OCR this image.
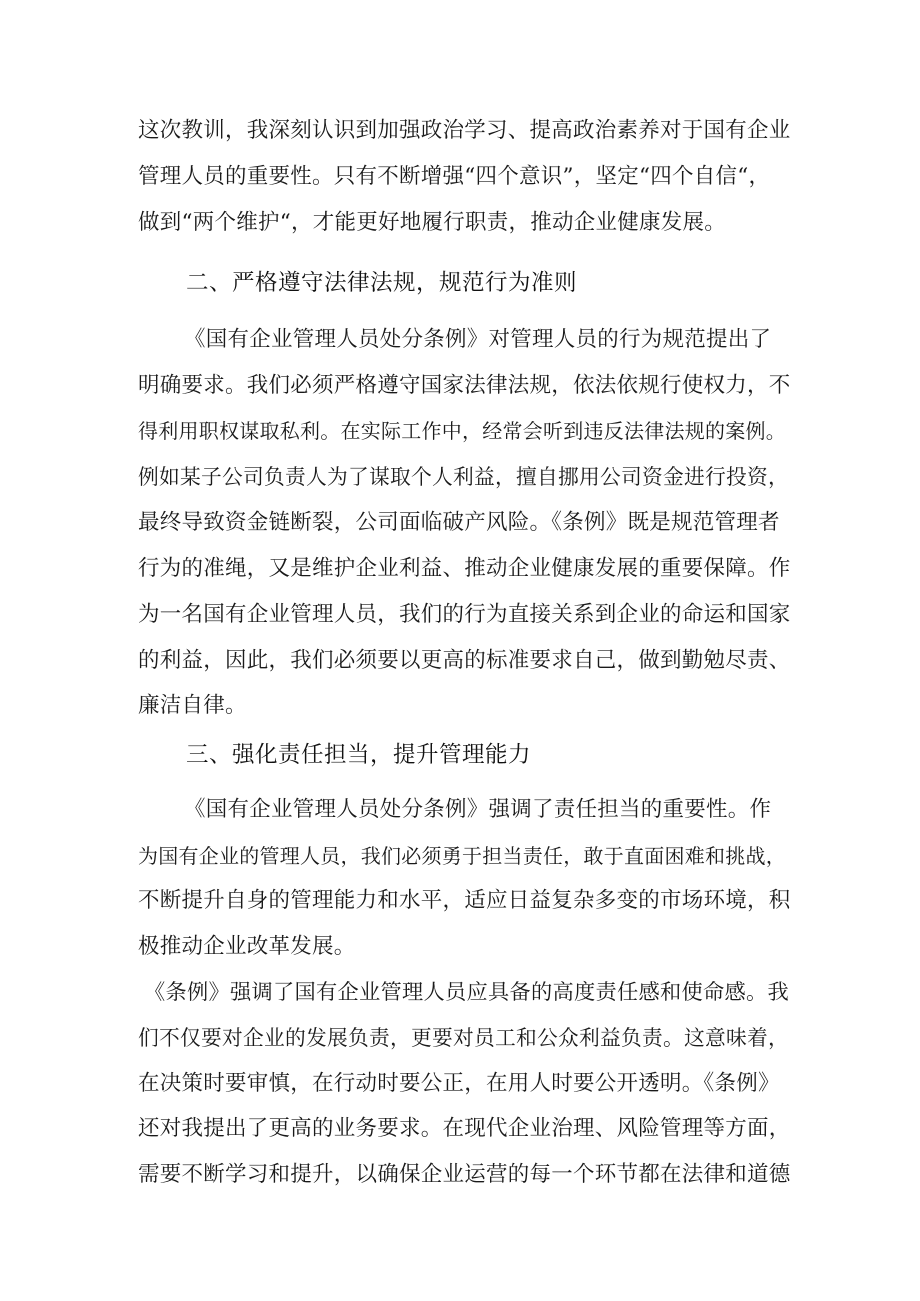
这次教训，我深刻认识到加强政治学习、提高政治素养对于国有企业
管理人员的重要性。只有不断增强“四个意识”，坚定“四个自信“，
做到“两个维护“，才能更好地履行职责，推动企业健康发展。
二、严格遵守法律法规，规范行为准则
《国有企业管理人员处分条例》对管理人员的行为规范提出了
明确要求。我们必须严格遵守国家法律法规，依法依规行使权力，不
得利用职权谋取私利。在实际工作中，经常会听到违反法律法规的案例。
例如某子公司负责人为了谋取个人利益，擅自挪用公司资金进行投资，
最终导致资金链断裂，公司面临破产风险。《条例》既是规范管理者
行为的准绳，又是维护企业利益、推动企业健康发展的重要保障。作
为一名国有企业管理人员，我们的行为直接关系到企业的命运和国家
的利益，因此，我们必须要以更高的标准要求自己，做到勤勉尽责、
廉洁自律。
三、强化责任担当，提升管理能力
《国有企业管理人员处分条例》强调了责任担当的重要性。作
为国有企业的管理人员，我们必须勇于担当责任，敢于直面困难和挑战，
不断提升自身的管理能力和水平，适应日益复杂多变的市场环境，积
极推动企业改革发展。
《条例》强调了国有企业管理人员应具备的高度责任感和使命感。我
们不仅要对企业的发展负责，更要对员工和公众利益负责。这意味着，
在决策时要审慎，在行动时要公正，在用人时要公开透明。《条例》
还对我提出了更高的业务要求。在现代企业治理、风险管理等方面，
需要不断学习和提升，以确保企业运营的每一个环节都在法律和道德
